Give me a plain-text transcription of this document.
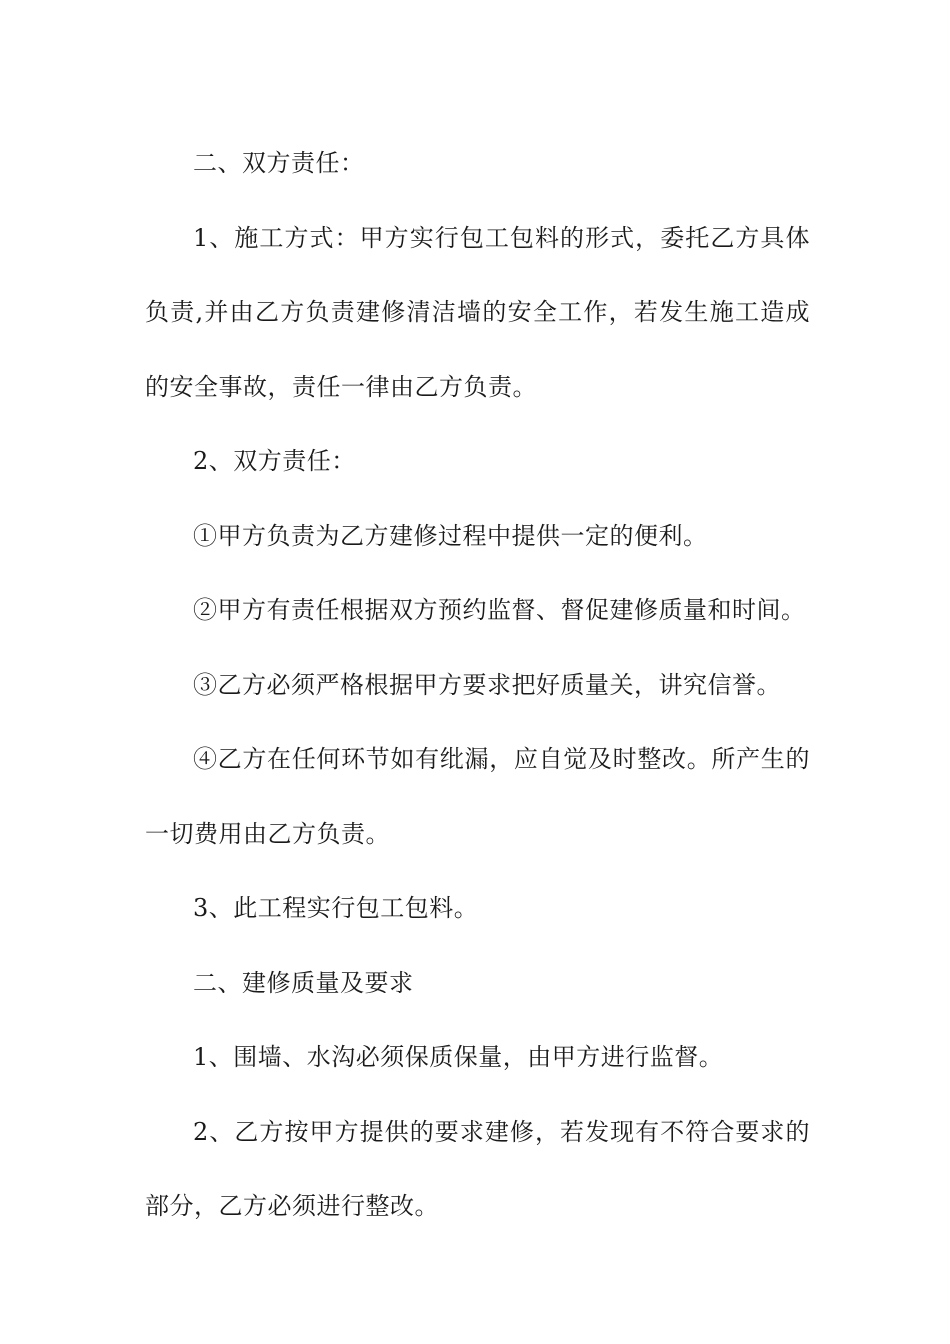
二、双方责任：

1、施工方式：甲方实行包工包料的形式，委托乙方具体负责,并由乙方负责建修清洁墙的安全工作，若发生施工造成的安全事故，责任一律由乙方负责。

2、双方责任：

①甲方负责为乙方建修过程中提供一定的便利。

②甲方有责任根据双方预约监督、督促建修质量和时间。

③乙方必须严格根据甲方要求把好质量关，讲究信誉。

④乙方在任何环节如有纰漏，应自觉及时整改。所产生的一切费用由乙方负责。

3、此工程实行包工包料。

二、建修质量及要求

1、围墙、水沟必须保质保量，由甲方进行监督。

2、乙方按甲方提供的要求建修，若发现有不符合要求的部分，乙方必须进行整改。
